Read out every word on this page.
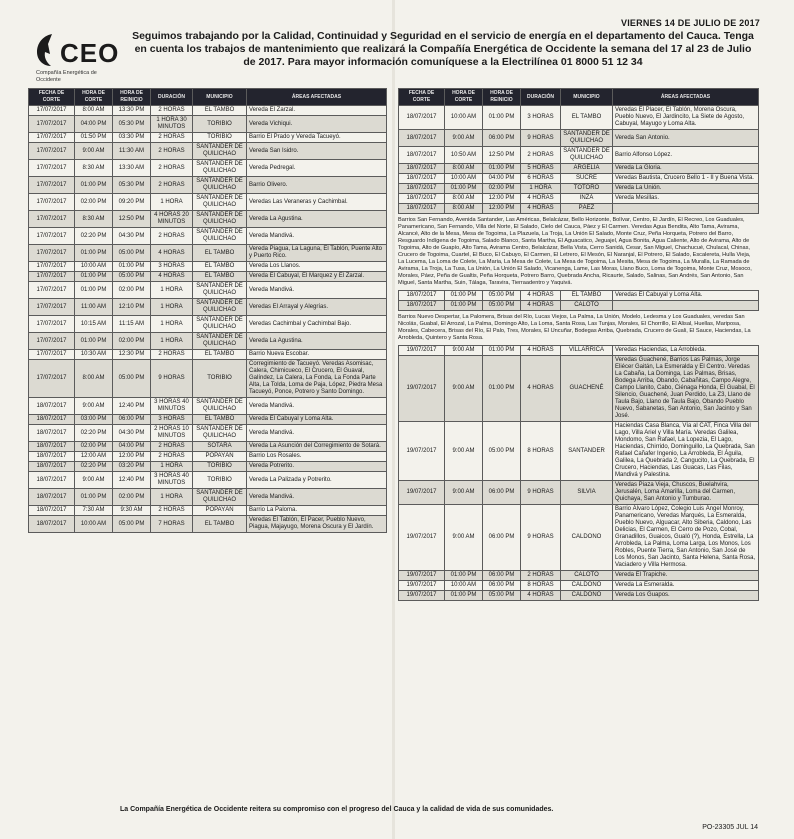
VIERNES 14 DE JULIO DE 2017
CEO
Compañía Energética de Occidente
Seguimos trabajando por la Calidad, Continuidad y Seguridad en el servicio de energía en el departamento del Cauca. Tenga en cuenta los trabajos de mantenimiento que realizará la Compañía Energética de Occidente la semana del 17 al 23 de Julio de 2017. Para mayor información comuníquese a la Electrilínea 01 8000 51 12 34
FECHA DE CORTE	HORA DE CORTE	HORA DE REINICIO	DURACIÓN	MUNICIPIO	ÁREAS AFECTADAS
17/07/2017	8:00 AM	13:30 PM	2 HORAS	EL TAMBO	Vereda El Zarzal.
17/07/2017	04:00 PM	05:30 PM	1 HORA 30 MINUTOS	TORIBIO	Vereda Vichiqui.
17/07/2017	01:50 PM	03:30 PM	2 HORAS	TORIBIO	Barrio El Prado y Vereda Tacueyó.
17/07/2017	9:00 AM	11:30 AM	2 HORAS	SANTANDER DE QUILICHAO	Vereda San Isidro.
17/07/2017	8:30 AM	13:30 AM	2 HORAS	SANTANDER DE QUILICHAO	Vereda Pedregal.
17/07/2017	01:00 PM	05:30 PM	2 HORAS	SANTANDER DE QUILICHAO	Barrio Olivero.
17/07/2017	02:00 PM	09:20 PM	1 HORA	SANTANDER DE QUILICHAO	Veredas Las Veraneras y Cachimbal.
17/07/2017	8:30 AM	12:50 PM	4 HORAS 20 MINUTOS	SANTANDER DE QUILICHAO	Vereda La Agustina.
17/07/2017	02:20 PM	04:30 PM	2 HORAS	SANTANDER DE QUILICHAO	Vereda Mandivá.
17/07/2017	01:00 PM	05:00 PM	4 HORAS	EL TAMBO	Vereda Piagua, La Laguna, El Tablón, Puente Alto y Puerto Rico.
17/07/2017	10:00 AM	01:00 PM	3 HORAS	EL TAMBO	Vereda Los Llanos.
17/07/2017	01:00 PM	05:00 PM	4 HORAS	EL TAMBO	Vereda El Cabuyal, El Marquez y El Zarzal.
17/07/2017	01:00 PM	02:00 PM	1 HORA	SANTANDER DE QUILICHAO	Vereda Mandivá.
17/07/2017	11:00 AM	12:10 PM	1 HORA	SANTANDER DE QUILICHAO	Veredas El Arrayal y Alegrías.
17/07/2017	10:15 AM	11:15 AM	1 HORA	SANTANDER DE QUILICHAO	Veredas Cachimbal y Cachimbal Bajo.
17/07/2017	01:00 PM	02:00 PM	1 HORA	SANTANDER DE QUILICHAO	Vereda La Agustina.
17/07/2017	10:30 AM	12:30 PM	2 HORAS	EL TAMBO	Barrio Nueva Escobar.
17/07/2017	8:00 AM	05:00 PM	9 HORAS	TORIBIO	Corregimiento de Tacueyó. Veredas Asomisac, Calera, Chimicueco, El Crucero, El Guaval, Galíndez, La Calera, La Fonda, La Fonda Parte Alta, La Tolda, Loma de Paja, López, Piedra Mesa Tacueyó, Ponce, Potrero y Santo Domingo.
18/07/2017	9:00 AM	12:40 PM	3 HORAS 40 MINUTOS	SANTANDER DE QUILICHAO	Vereda Mandivá.
18/07/2017	03:00 PM	06:00 PM	3 HORAS	EL TAMBO	Vereda El Cabuyal y Loma Alta.
18/07/2017	02:20 PM	04:30 PM	2 HORAS 10 MINUTOS	SANTANDER DE QUILICHAO	Vereda Mandivá.
18/07/2017	02:00 PM	04:00 PM	2 HORAS	SOTARA	Vereda La Asunción del Corregimiento de Sotará.
18/07/2017	12:00 AM	12:00 PM	2 HORAS	POPAYÁN	Barrio Los Rosales.
18/07/2017	02:20 PM	03:20 PM	1 HORA	TORIBIO	Vereda Potrerito.
18/07/2017	9:00 AM	12:40 PM	3 HORAS 40 MINUTOS	TORIBIO	Vereda La Palizada y Potrerito.
18/07/2017	01:00 PM	02:00 PM	1 HORA	SANTANDER DE QUILICHAO	Vereda Mandivá.
18/07/2017	7:30 AM	9:30 AM	2 HORAS	POPAYÁN	Barrio La Paloma.
18/07/2017	10:00 AM	05:00 PM	7 HORAS	EL TAMBO	Veredas El Tablón, El Pacer, Pueblo Nuevo, Piagua, Majayugo, Morena Oscura y El Jardín.
FECHA DE CORTE	HORA DE CORTE	HORA DE REINICIO	DURACIÓN	MUNICIPIO	ÁREAS AFECTADAS
18/07/2017	10:00 AM	01:00 PM	3 HORAS	EL TAMBO	Veredas El Placer, El Tablón, Morena Oscura, Pueblo Nuevo, El Jardincito, La Siete de Agosto, Cabuyal, Mayugo y Loma Alta.
18/07/2017	9:00 AM	06:00 PM	9 HORAS	SANTANDER DE QUILICHAO	Vereda San Antonio.
18/07/2017	10:50 AM	12:50 PM	2 HORAS	SANTANDER DE QUILICHAO	Barrio Alfonso López.
18/07/2017	8:00 AM	01:00 PM	5 HORAS	ARGELIA	Vereda La Gloria.
18/07/2017	10:00 AM	04:00 PM	6 HORAS	SUCRE	Veredas Bautista, Crucero Bello 1 - II y Buena Vista.
18/07/2017	01:00 PM	02:00 PM	1 HORA	TOTORÓ	Vereda La Unión.
18/07/2017	8:00 AM	12:00 PM	4 HORAS	INZÁ	Vereda Mesillas.
18/07/2017	8:00 AM	12:00 PM	4 HORAS	PÁEZ	
Barrios San Fernando, Avenida Santander, Las Américas, Belalcázar, Bello Horizonte, Bolívar, Centro, El Jardín, El Recreo, Los Guaduales, Panamericano, San Fernando, Villa del Norte, El Salado, Cielo del Cauca, Páez y El Carmen. Veredas Agua Bendita, Alto Tama, Avirama, Alcancé, Alto de la Mesa, Mesa de Togoima, La Plazuela, La Troja, La Unión El Salado, Monte Cruz, Peña Horqueta, Potrero del Barro, Resguardo Indígena de Togoima, Salado Blanco, Santa Martha, El Aguacatico, Jeguajel, Agua Bonita, Agua Caliente, Alto de Avirama, Alto de Togoima, Alto de Guapío, Alto Tama, Avirama Centro, Belalcázar, Bella Vista, Cerro Sanidá, Cesar, San Miguel, Chachucué, Chulacal, Chinas, Crucero de Togoima, Cuartel, El Buco, El Cabuyo, El Carmen, El Letrero, El Mesón, El Naranjal, El Potrero, El Salado, Escalereta, Hulla Vieja, La Lucema, La Loma de Colete, La Maria, La Mesa de Colete, La Mesa de Togoima, La Mesita, Mesa de Togoima, La Muralla, La Ramada de Avirama, La Troja, La Tusa, La Unión, La Unión El Salado, Vicanenga, Lame, Las Moras, Llano Buco, Loma de Togoima, Monte Cruz, Mosoco, Morales, Páez, Peña de Gualtis, Peña Horqueta, Potrero Barro, Quebrada Ancha, Ricaurte, Salado, Salinas, San Andrés, San Antonio, San Miguel, Santa Martha, Suin, Tálaga, Taravira, Tierraadentro y Yaquivá.
18/07/2017	01:00 PM	05:00 PM	4 HORAS	EL TAMBO	Veredas El Cabuyal y Loma Alta.
18/07/2017	01:00 PM	05:00 PM	4 HORAS	CALOTO	
Barrios Nuevo Despertar, La Palomera, Brisas del Río, Lucas Viejos, La Palma, La Unión, Modelo, Ledesma y Los Guaduales, veredas San Nicolás, Guabal, El Arrozal, La Palma, Domingo Alto, La Loma, Santa Rosa, Las Tunjas, Morales, El Chorrillo, El Alisal, Huellas, Mariposa, Morales, Cabecera, Brisas del Río, El Palo, Tres, Morales, El Uncuñar, Bodegas Arriba, Quebrada, Crucero de Guali, El Sauce, Haciendas, La Arrobleda, Quintero y Santa Rosa.
19/07/2017	9:00 AM	01:00 PM	4 HORAS	VILLARRICA	Veredas Haciendas, La Arrobleda.
19/07/2017	9:00 AM	01:00 PM	4 HORAS	GUACHENÉ	Veredas Guachené, Barrios Las Palmas, Jorge Eliécer Gaitán, La Esmeralda y El Centro. Veredas La Cabaña, La Dominga, Las Palmas, Brisas, Bodega Arriba, Obando, Cabañitas, Campo Alegre, Campo Llanito, Cabo, Ciénaga Honda, El Guabal, El Silencio, Guachené, Juan Perdido, La Z3, Llano de Taula Bajo, Llano de Taula Bajo, Obando Pueblo Nuevo, Sabanetas, San Antonio, San Jacinto y San José.
19/07/2017	9:00 AM	05:00 PM	8 HORAS	SANTANDER	Haciendas Casa Blanca, Vía al CAT, Finca Villa del Lago, Villa Ariel y Villa María. Veredas Galilea, Mondomo, San Rafael, La Lopezia, El Lago, Haciendas, Chirrido, Dominguillo, La Quebrada, San Rafael Cañafer Ingenio, La Arrobleda, El Águila, Galilea, La Quebrada 2, Cangucito, La Quebrada, El Crucero, Haciendas, Las Guacas, Las Filas, Mandivá y Palestina.
19/07/2017	9:00 AM	06:00 PM	9 HORAS	SILVIA	Veredas Piaza Vieja, Chuscos, Buelahvira, Jerusalén, Loma Amarilla, Loma del Carmen, Quichaya, San Antonio y Tumburao.
19/07/2017	9:00 AM	06:00 PM	9 HORAS	CALDONO	Barrio Álvaro López, Colegio Luis Ángel Monroy, Panamericano, Veredas Marqués, La Esmeralda, Pueblo Nuevo, Alguacar, Alto Siberia, Caldono, Las Delicias, El Carmen, El Cerro de Pozo, Cobal, Granadillos, Guaicos, Gualó (?), Honda, Estrella, La Arrobleda, La Palma, Loma Larga, Los Monos, Los Robles, Puente Tierra, San Antonio, San José de Los Monos, San Jacinto, Santa Helena, Santa Rosa, Vaciadero y Villa Hermosa.
19/07/2017	01:00 PM	06:00 PM	2 HORAS	CALOTO	Vereda El Trapiche.
19/07/2017	10:00 AM	06:00 PM	8 HORAS	CALDONO	Vereda La Esmeralda.
19/07/2017	01:00 PM	05:00 PM	4 HORAS	CALDONO	Vereda Los Guapos.
La Compañía Energética de Occidente reitera su compromiso con el progreso del Cauca y la calidad de vida de sus comunidades.
PO-23305 JUL 14
